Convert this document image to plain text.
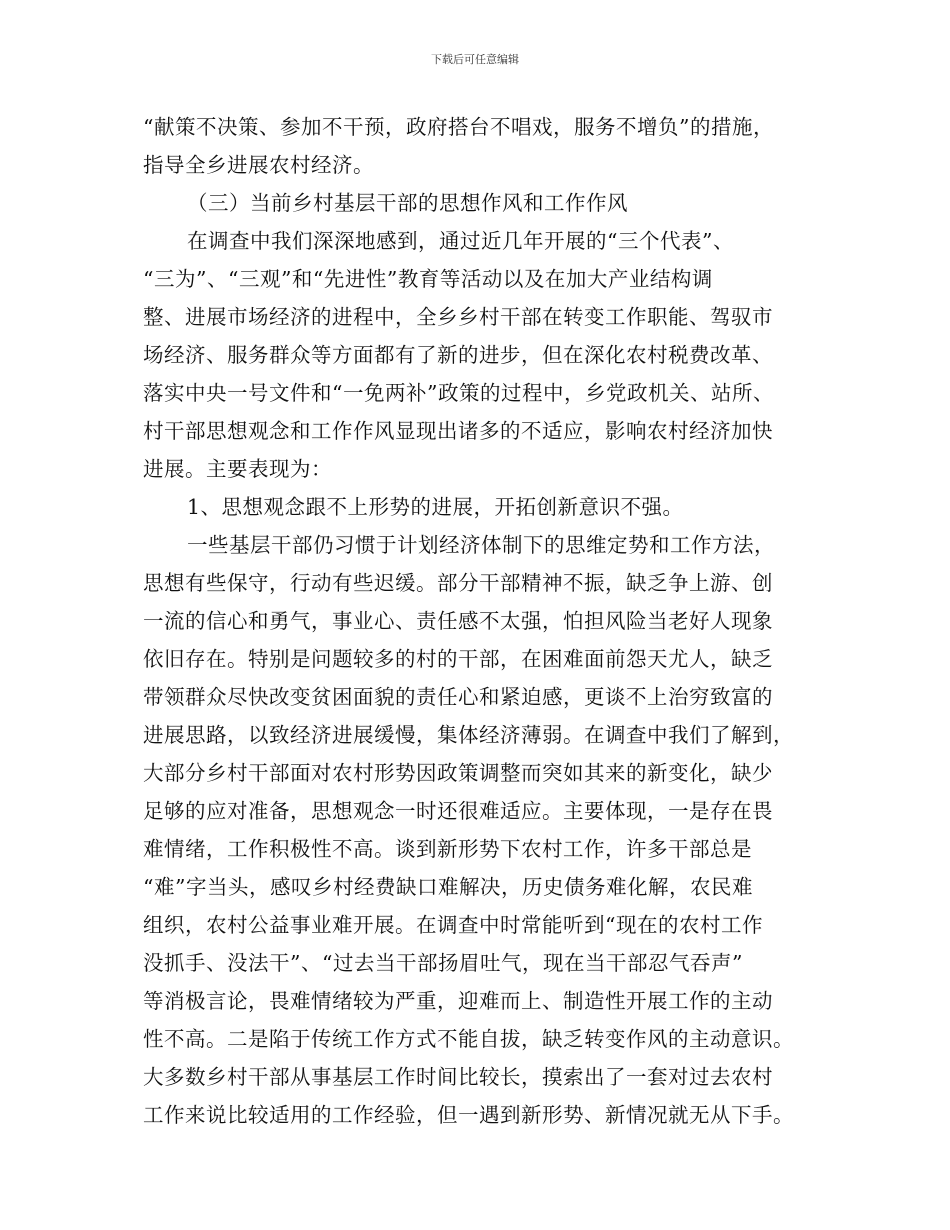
下载后可任意编辑
“献策不决策、参加不干预，政府搭台不唱戏，服务不增负”的措施，
指导全乡进展农村经济。
（三）当前乡村基层干部的思想作风和工作作风
在调查中我们深深地感到，通过近几年开展的“三个代表”、
“三为”、“三观”和“先进性”教育等活动以及在加大产业结构调
整、进展市场经济的进程中，全乡乡村干部在转变工作职能、驾驭市
场经济、服务群众等方面都有了新的进步，但在深化农村税费改革、
落实中央一号文件和“一免两补”政策的过程中，乡党政机关、站所、
村干部思想观念和工作作风显现出诸多的不适应，影响农村经济加快
进展。主要表现为：
1、思想观念跟不上形势的进展，开拓创新意识不强。
一些基层干部仍习惯于计划经济体制下的思维定势和工作方法，
思想有些保守，行动有些迟缓。部分干部精神不振，缺乏争上游、创
一流的信心和勇气，事业心、责任感不太强，怕担风险当老好人现象
依旧存在。特别是问题较多的村的干部，在困难面前怨天尤人，缺乏
带领群众尽快改变贫困面貌的责任心和紧迫感，更谈不上治穷致富的
进展思路，以致经济进展缓慢，集体经济薄弱。在调查中我们了解到，
大部分乡村干部面对农村形势因政策调整而突如其来的新变化，缺少
足够的应对准备，思想观念一时还很难适应。主要体现，一是存在畏
难情绪，工作积极性不高。谈到新形势下农村工作，许多干部总是
“难”字当头，感叹乡村经费缺口难解决，历史债务难化解，农民难
组织，农村公益事业难开展。在调查中时常能听到“现在的农村工作
没抓手、没法干”、“过去当干部扬眉吐气，现在当干部忍气吞声”
等消极言论，畏难情绪较为严重，迎难而上、制造性开展工作的主动
性不高。二是陷于传统工作方式不能自拔，缺乏转变作风的主动意识。
大多数乡村干部从事基层工作时间比较长，摸索出了一套对过去农村
工作来说比较适用的工作经验，但一遇到新形势、新情况就无从下手。
